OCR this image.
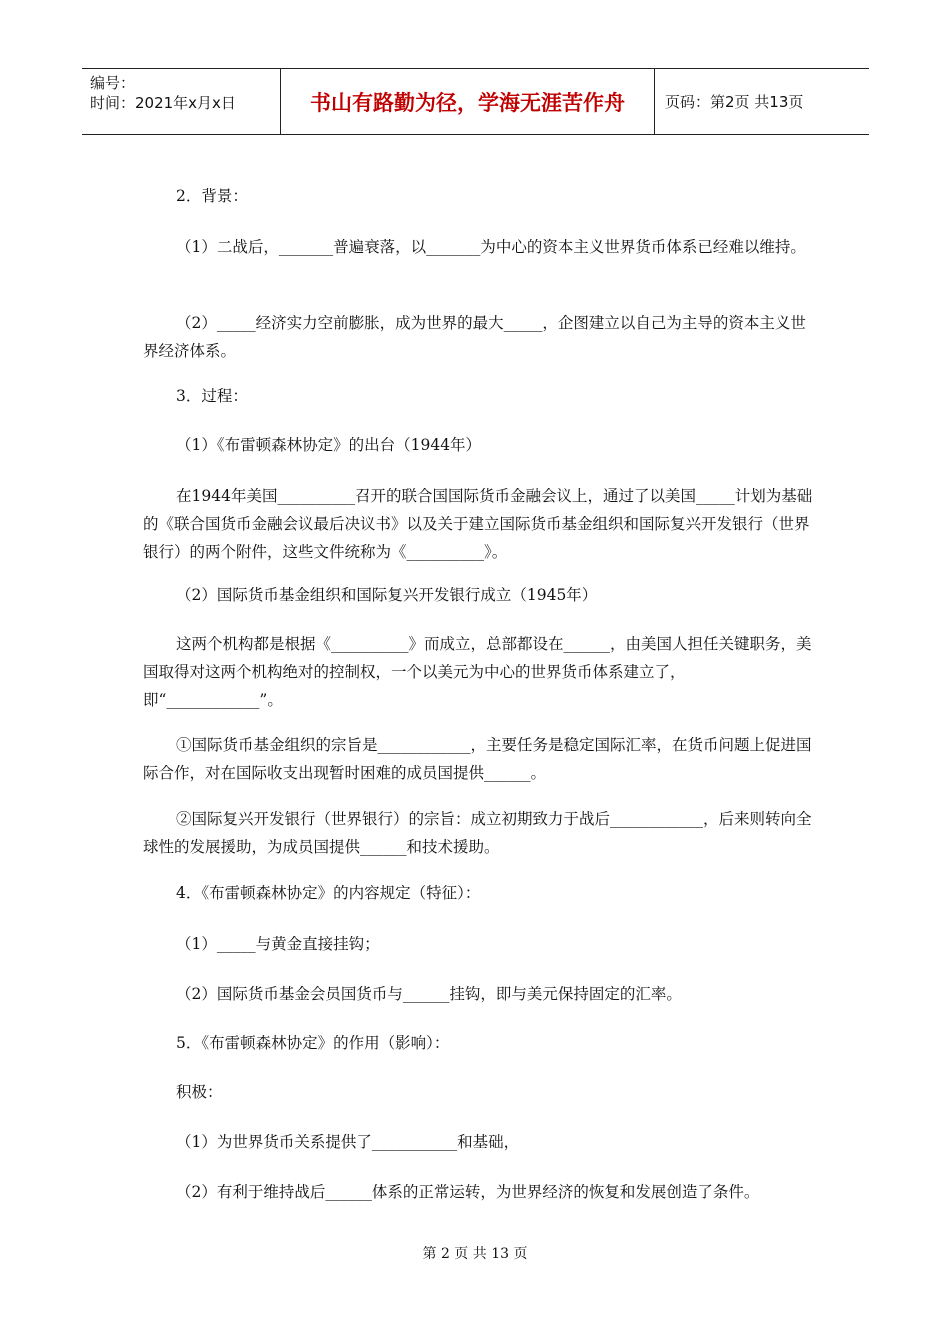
编号：
时间：2021年x月x日	书山有路勤为径，学海无涯苦作舟	页码：第2页 共13页

2．背景：

（1）二战后，_______普遍衰落，以_______为中心的资本主义世界货币体系已经难以维持。

（2）_____经济实力空前膨胀，成为世界的最大_____，企图建立以自己为主导的资本主义世界经济体系。

3．过程：

（1）《布雷顿森林协定》的出台（1944年）

在1944年美国__________召开的联合国国际货币金融会议上，通过了以美国_____计划为基础的《联合国货币金融会议最后决议书》以及关于建立国际货币基金组织和国际复兴开发银行（世界银行）的两个附件，这些文件统称为《__________》。

（2）国际货币基金组织和国际复兴开发银行成立（1945年）

这两个机构都是根据《__________》而成立，总部都设在______，由美国人担任关键职务，美国取得对这两个机构绝对的控制权，一个以美元为中心的世界货币体系建立了，即“____________”。

①国际货币基金组织的宗旨是____________，主要任务是稳定国际汇率，在货币问题上促进国际合作，对在国际收支出现暂时困难的成员国提供______。

②国际复兴开发银行（世界银行）的宗旨：成立初期致力于战后____________，后来则转向全球性的发展援助，为成员国提供______和技术援助。

4．《布雷顿森林协定》的内容规定（特征）：

（1）_____与黄金直接挂钩；

（2）国际货币基金会员国货币与______挂钩，即与美元保持固定的汇率。

5．《布雷顿森林协定》的作用（影响）：

积极：

（1）为世界货币关系提供了___________和基础，

（2）有利于维持战后______体系的正常运转，为世界经济的恢复和发展创造了条件。

第 2 页 共 13 页
